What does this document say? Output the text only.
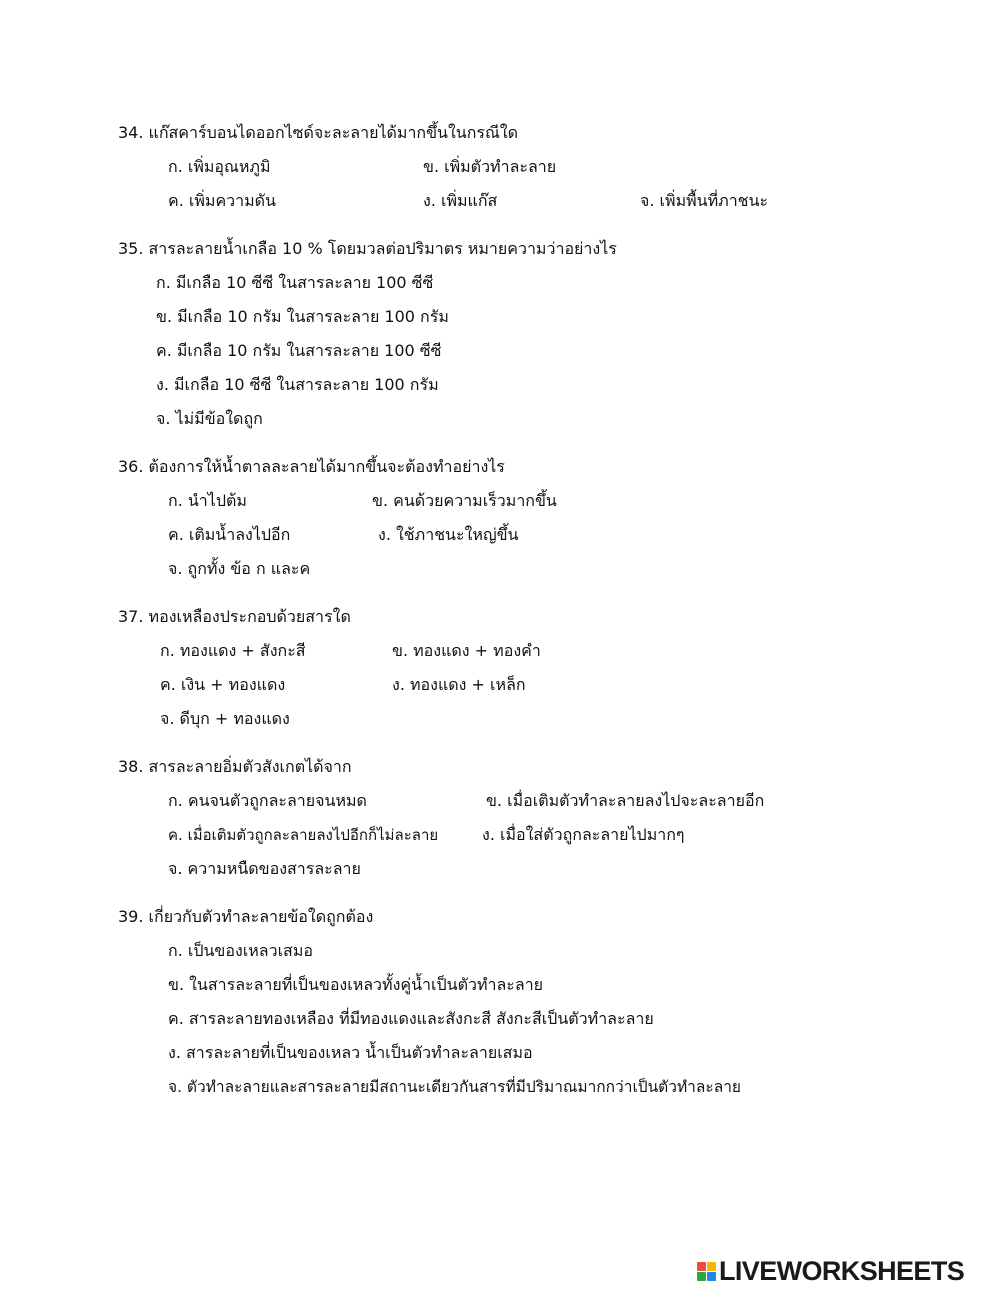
34. แก๊สคาร์บอนไดออกไซด์จะละลายได้มากขึ้นในกรณีใด
ก. เพิ่มอุณหภูมิ	ข. เพิ่มตัวทำละลาย
ค. เพิ่มความดัน	ง. เพิ่มแก๊ส	จ. เพิ่มพื้นที่ภาชนะ
35. สารละลายน้ำเกลือ 10 % โดยมวลต่อปริมาตร หมายความว่าอย่างไร
ก. มีเกลือ 10 ซีซี ในสารละลาย 100 ซีซี
ข. มีเกลือ 10 กรัม ในสารละลาย 100 กรัม
ค. มีเกลือ 10 กรัม ในสารละลาย 100 ซีซี
ง. มีเกลือ 10 ซีซี ในสารละลาย 100 กรัม
จ. ไม่มีข้อใดถูก
36. ต้องการให้น้ำตาลละลายได้มากขึ้นจะต้องทำอย่างไร
ก. นำไปต้ม	ข. คนด้วยความเร็วมากขึ้น
ค. เติมน้ำลงไปอีก	ง. ใช้ภาชนะใหญ่ขึ้น
จ. ถูกทั้ง ข้อ ก และค
37. ทองเหลืองประกอบด้วยสารใด
ก. ทองแดง + สังกะสี	ข. ทองแดง + ทองคำ
ค. เงิน + ทองแดง	ง. ทองแดง + เหล็ก
จ. ดีบุก + ทองแดง
38. สารละลายอิ่มตัวสังเกตได้จาก
ก. คนจนตัวถูกละลายจนหมด	ข. เมื่อเติมตัวทำละลายลงไปจะละลายอีก
ค. เมื่อเติมตัวถูกละลายลงไปอีกก็ไม่ละลาย	ง. เมื่อใส่ตัวถูกละลายไปมากๆ
จ. ความหนืดของสารละลาย
39. เกี่ยวกับตัวทำละลายข้อใดถูกต้อง
ก. เป็นของเหลวเสมอ
ข. ในสารละลายที่เป็นของเหลวทั้งคู่น้ำเป็นตัวทำละลาย
ค. สารละลายทองเหลือง ที่มีทองแดงและสังกะสี สังกะสีเป็นตัวทำละลาย
ง. สารละลายที่เป็นของเหลว น้ำเป็นตัวทำละลายเสมอ
จ. ตัวทำละลายและสารละลายมีสถานะเดียวกันสารที่มีปริมาณมากกว่าเป็นตัวทำละลาย
LIVEWORKSHEETS
